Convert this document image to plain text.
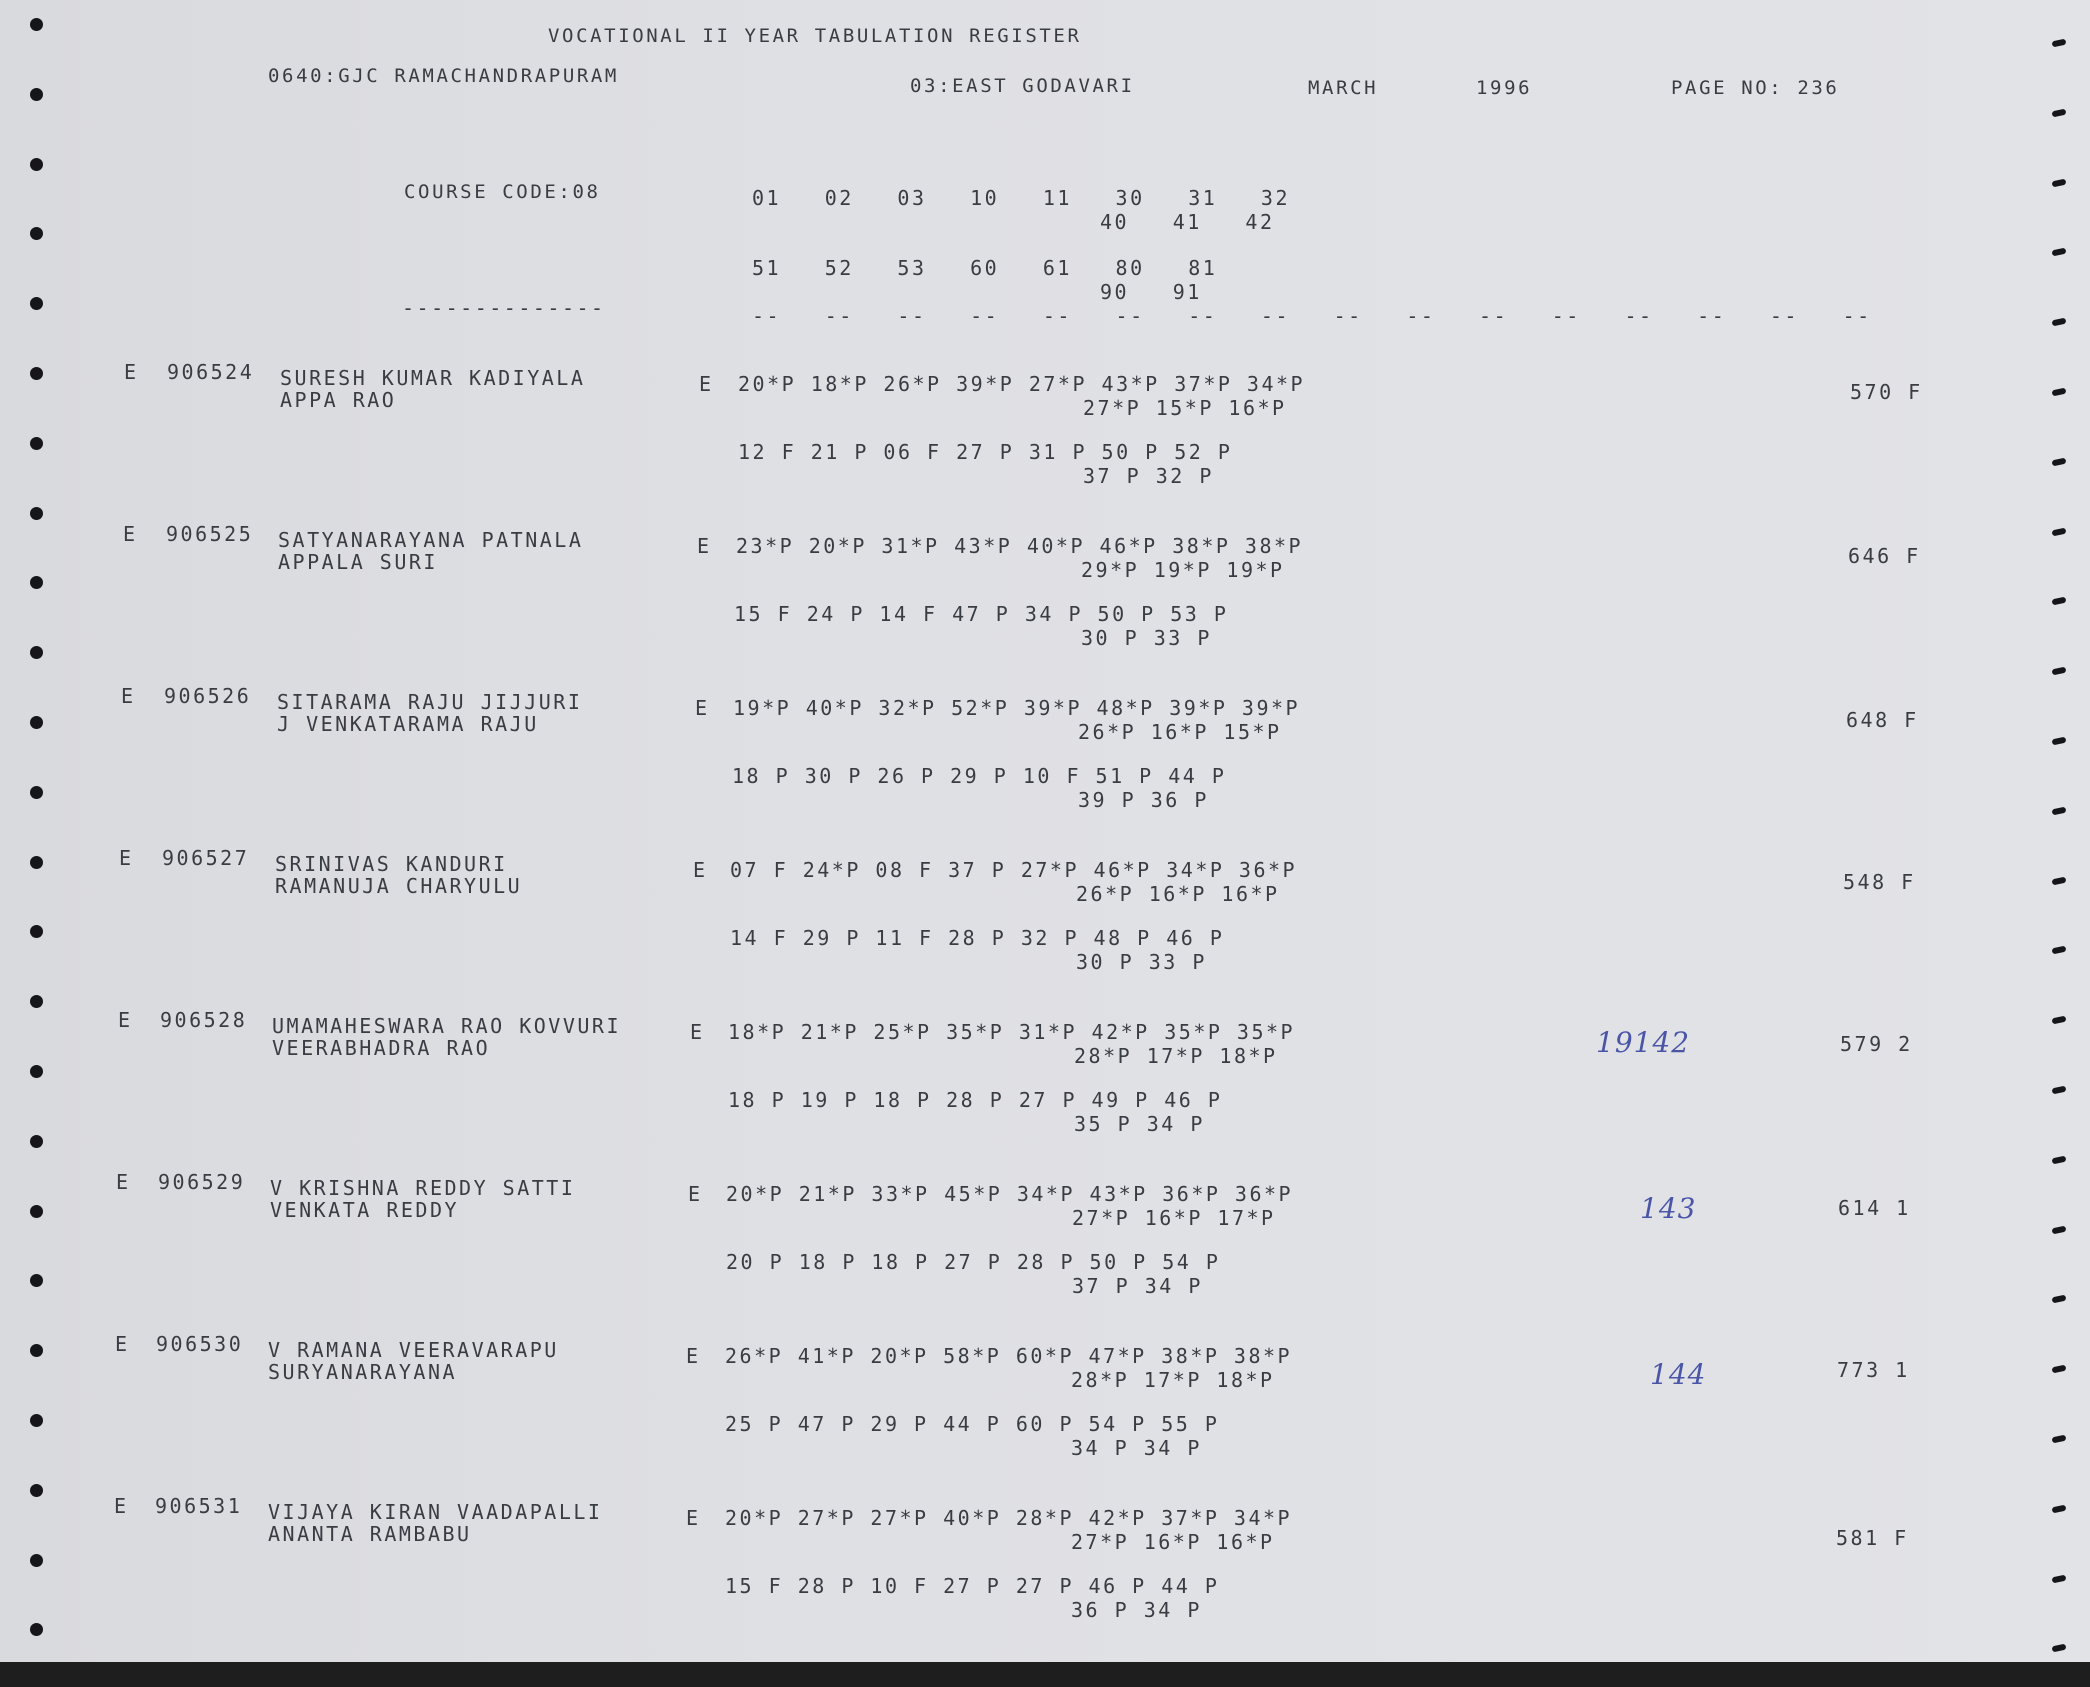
VOCATIONAL II YEAR TABULATION REGISTER
0640:GJC RAMACHANDRAPURAM	03:EAST GODAVARI	MARCH	1996	PAGE NO: 236
COURSE CODE:08	01   02   03   10   11   30   31   32
40   41   42
51   52   53   60   61   80   81
90   91
--------------	--   --   --   --   --   --   --   --   --   --   --   --   --   --   --   --
E 906524 SURESH KUMAR KADIYALA
APPA RAO
E 20*P 18*P 26*P 39*P 27*P 43*P 37*P 34*P
27*P 15*P 16*P
12 F 21 P 06 F 27 P 31 P 50 P 52 P
37 P 32 P
570 F
E 906525 SATYANARAYANA PATNALA
APPALA SURI
E 23*P 20*P 31*P 43*P 40*P 46*P 38*P 38*P
29*P 19*P 19*P
15 F 24 P 14 F 47 P 34 P 50 P 53 P
30 P 33 P
646 F
E 906526 SITARAMA RAJU JIJJURI
J VENKATARAMA RAJU
E 19*P 40*P 32*P 52*P 39*P 48*P 39*P 39*P
26*P 16*P 15*P
18 P 30 P 26 P 29 P 10 F 51 P 44 P
39 P 36 P
648 F
E 906527 SRINIVAS KANDURI
RAMANUJA CHARYULU
E 07 F 24*P 08 F 37 P 27*P 46*P 34*P 36*P
26*P 16*P 16*P
14 F 29 P 11 F 28 P 32 P 48 P 46 P
30 P 33 P
548 F
E 906528 UMAMAHESWARA RAO KOVVURI
VEERABHADRA RAO
E 18*P 21*P 25*P 35*P 31*P 42*P 35*P 35*P
28*P 17*P 18*P
18 P 19 P 18 P 28 P 27 P 49 P 46 P
35 P 34 P
19142	579 2
E 906529 V KRISHNA REDDY SATTI
VENKATA REDDY
E 20*P 21*P 33*P 45*P 34*P 43*P 36*P 36*P
27*P 16*P 17*P
20 P 18 P 18 P 27 P 28 P 50 P 54 P
37 P 34 P
143	614 1
E 906530 V RAMANA VEERAVARAPU
SURYANARAYANA
E 26*P 41*P 20*P 58*P 60*P 47*P 38*P 38*P
28*P 17*P 18*P
25 P 47 P 29 P 44 P 60 P 54 P 55 P
34 P 34 P
144	773 1
E 906531 VIJAYA KIRAN VAADAPALLI
ANANTA RAMBABU
E 20*P 27*P 27*P 40*P 28*P 42*P 37*P 34*P
27*P 16*P 16*P
15 F 28 P 10 F 27 P 27 P 46 P 44 P
36 P 34 P
581 F
